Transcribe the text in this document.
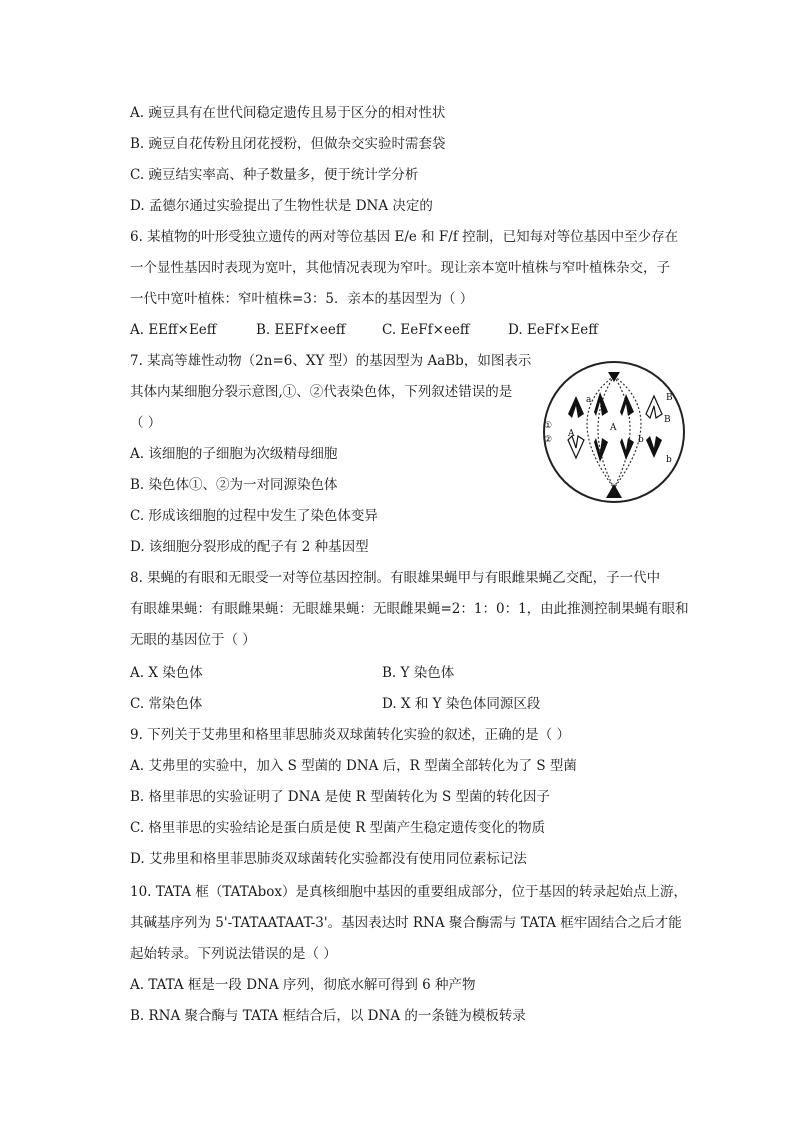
A. 豌豆具有在世代间稳定遗传且易于区分的相对性状
B. 豌豆自花传粉且闭花授粉，但做杂交实验时需套袋
C. 豌豆结实率高、种子数量多，便于统计学分析
D. 孟德尔通过实验提出了生物性状是 DNA 决定的
6. 某植物的叶形受独立遗传的两对等位基因 E/e 和 F/f 控制，已知每对等位基因中至少存在
一个显性基因时表现为宽叶，其他情况表现为窄叶。现让亲本宽叶植株与窄叶植株杂交，子
一代中宽叶植株：窄叶植株=3：5．亲本的基因型为（ ）
A. EEff×Eeff	B. EEFf×eeff	C. EeFf×eeff	D. EeFf×Eeff
7. 某高等雄性动物（2n=6、XY 型）的基因型为 AaBb，如图表示
其体内某细胞分裂示意图,①、②代表染色体，下列叙述错误的是
（ ）
A. 该细胞的子细胞为次级精母细胞
B. 染色体①、②为一对同源染色体
C. 形成该细胞的过程中发生了染色体变异
D. 该细胞分裂形成的配子有 2 种基因型
①
②
a
A
A
B
B
b
b
8. 果蝇的有眼和无眼受一对等位基因控制。有眼雄果蝇甲与有眼雌果蝇乙交配，子一代中
有眼雄果蝇：有眼雌果蝇：无眼雄果蝇：无眼雌果蝇=2：1：0：1，由此推测控制果蝇有眼和
无眼的基因位于（ ）
A. X 染色体	B. Y 染色体
C. 常染色体	D. X 和 Y 染色体同源区段
9. 下列关于艾弗里和格里菲思肺炎双球菌转化实验的叙述，正确的是（ ）
A. 艾弗里的实验中，加入 S 型菌的 DNA 后，R 型菌全部转化为了 S 型菌
B. 格里菲思的实验证明了 DNA 是使 R 型菌转化为 S 型菌的转化因子
C. 格里菲思的实验结论是蛋白质是使 R 型菌产生稳定遗传变化的物质
D. 艾弗里和格里菲思肺炎双球菌转化实验都没有使用同位素标记法
10. TATA 框（TATAbox）是真核细胞中基因的重要组成部分，位于基因的转录起始点上游，
其碱基序列为 5'-TATAATAAT-3'。基因表达时 RNA 聚合酶需与 TATA 框牢固结合之后才能
起始转录。下列说法错误的是（ ）
A. TATA 框是一段 DNA 序列，彻底水解可得到 6 种产物
B. RNA 聚合酶与 TATA 框结合后，以 DNA 的一条链为模板转录
